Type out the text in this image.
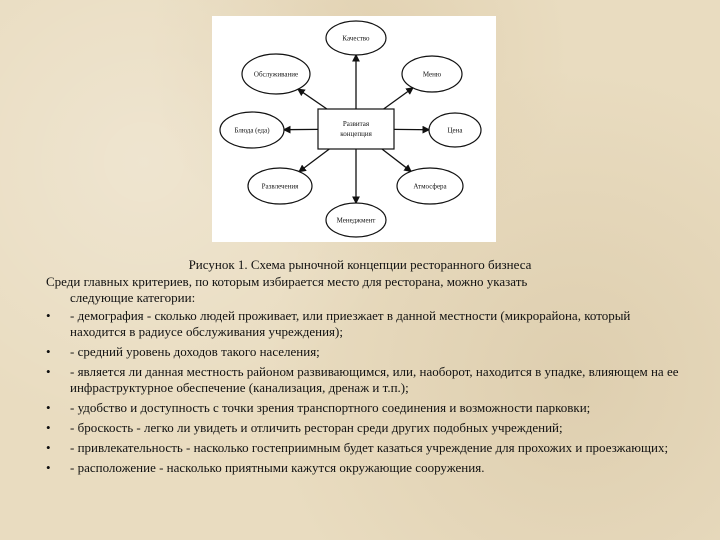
Качество
Обслуживание	Меню
Блюда (еда)	Цена
Развлечения	Атмосфера
Менеджмент
Развитая
концепция
Рисунок 1. Схема рыночной концепции ресторанного бизнеса

Среди главных критериев, по которым избирается место для ресторана, можно указать
следующие категории:

•	- демография - сколько людей проживает, или приезжает в данной местности (микрорайона, который находится в радиусе обслуживания учреждения);
•	- средний уровень доходов такого населения;
•	- является ли данная местность районом развивающимся, или, наоборот, находится в упадке, влияющем на ее инфраструктурное обеспечение (канализация, дренаж и т.п.);
•	- удобство и доступность с точки зрения транспортного соединения и возможности парковки;
•	- броскость - легко ли увидеть и отличить ресторан среди других подобных учреждений;
•	- привлекательность - насколько гостеприимным будет казаться учреждение для прохожих и проезжающих;
•	- расположение - насколько приятными кажутся окружающие сооружения.
